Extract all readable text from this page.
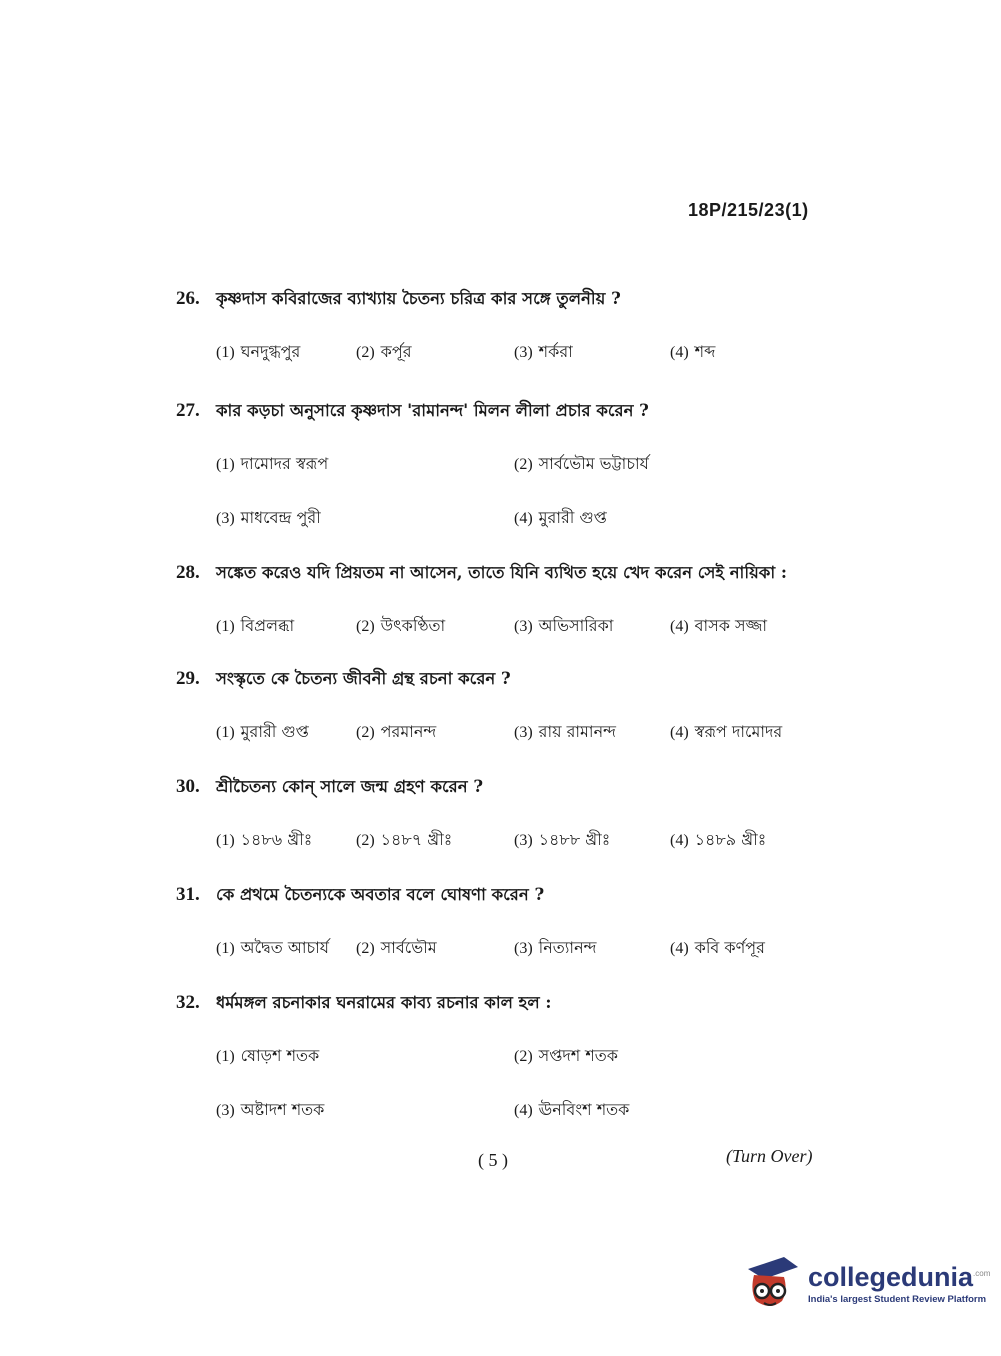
18P/215/23(1)
26. কৃষ্ণদাস কবিরাজের ব্যাখ্যায় চৈতন্য চরিত্র কার সঙ্গে তুলনীয় ?
(1) ঘনদুগ্ধপুর	(2) কর্পূর	(3) শর্করা	(4) শব্দ
27. কার কড়চা অনুসারে কৃষ্ণদাস 'রামানন্দ' মিলন লীলা প্রচার করেন ?
(1) দামোদর স্বরূপ	(2) সার্বভৌম ভট্টাচার্য
(3) মাধবেন্দ্র পুরী	(4) মুরারী গুপ্ত
28. সঙ্কেত করেও যদি প্রিয়তম না আসেন, তাতে যিনি ব্যথিত হয়ে খেদ করেন সেই নায়িকা :
(1) বিপ্রলব্ধা	(2) উৎকণ্ঠিতা	(3) অভিসারিকা	(4) বাসক সজ্জা
29. সংস্কৃতে কে চৈতন্য জীবনী গ্রন্থ রচনা করেন ?
(1) মুরারী গুপ্ত	(2) পরমানন্দ	(3) রায় রামানন্দ	(4) স্বরূপ দামোদর
30. শ্রীচৈতন্য কোন্ সালে জন্ম গ্রহণ করেন ?
(1) ১৪৮৬ খ্রীঃ	(2) ১৪৮৭ খ্রীঃ	(3) ১৪৮৮ খ্রীঃ	(4) ১৪৮৯ খ্রীঃ
31. কে প্রথমে চৈতন্যকে অবতার বলে ঘোষণা করেন ?
(1) অদ্বৈত আচার্য (2) সার্বভৌম	(3) নিত্যানন্দ	(4) কবি কর্ণপূর
32. ধর্মমঙ্গল রচনাকার ঘনরামের কাব্য রচনার কাল হল :
(1) ষোড়শ শতক	(2) সপ্তদশ শতক
(3) অষ্টাদশ শতক	(4) ঊনবিংশ শতক
( 5 )	(Turn Over)
collegedunia$^{.com}$
India's largest Student Review Platform
